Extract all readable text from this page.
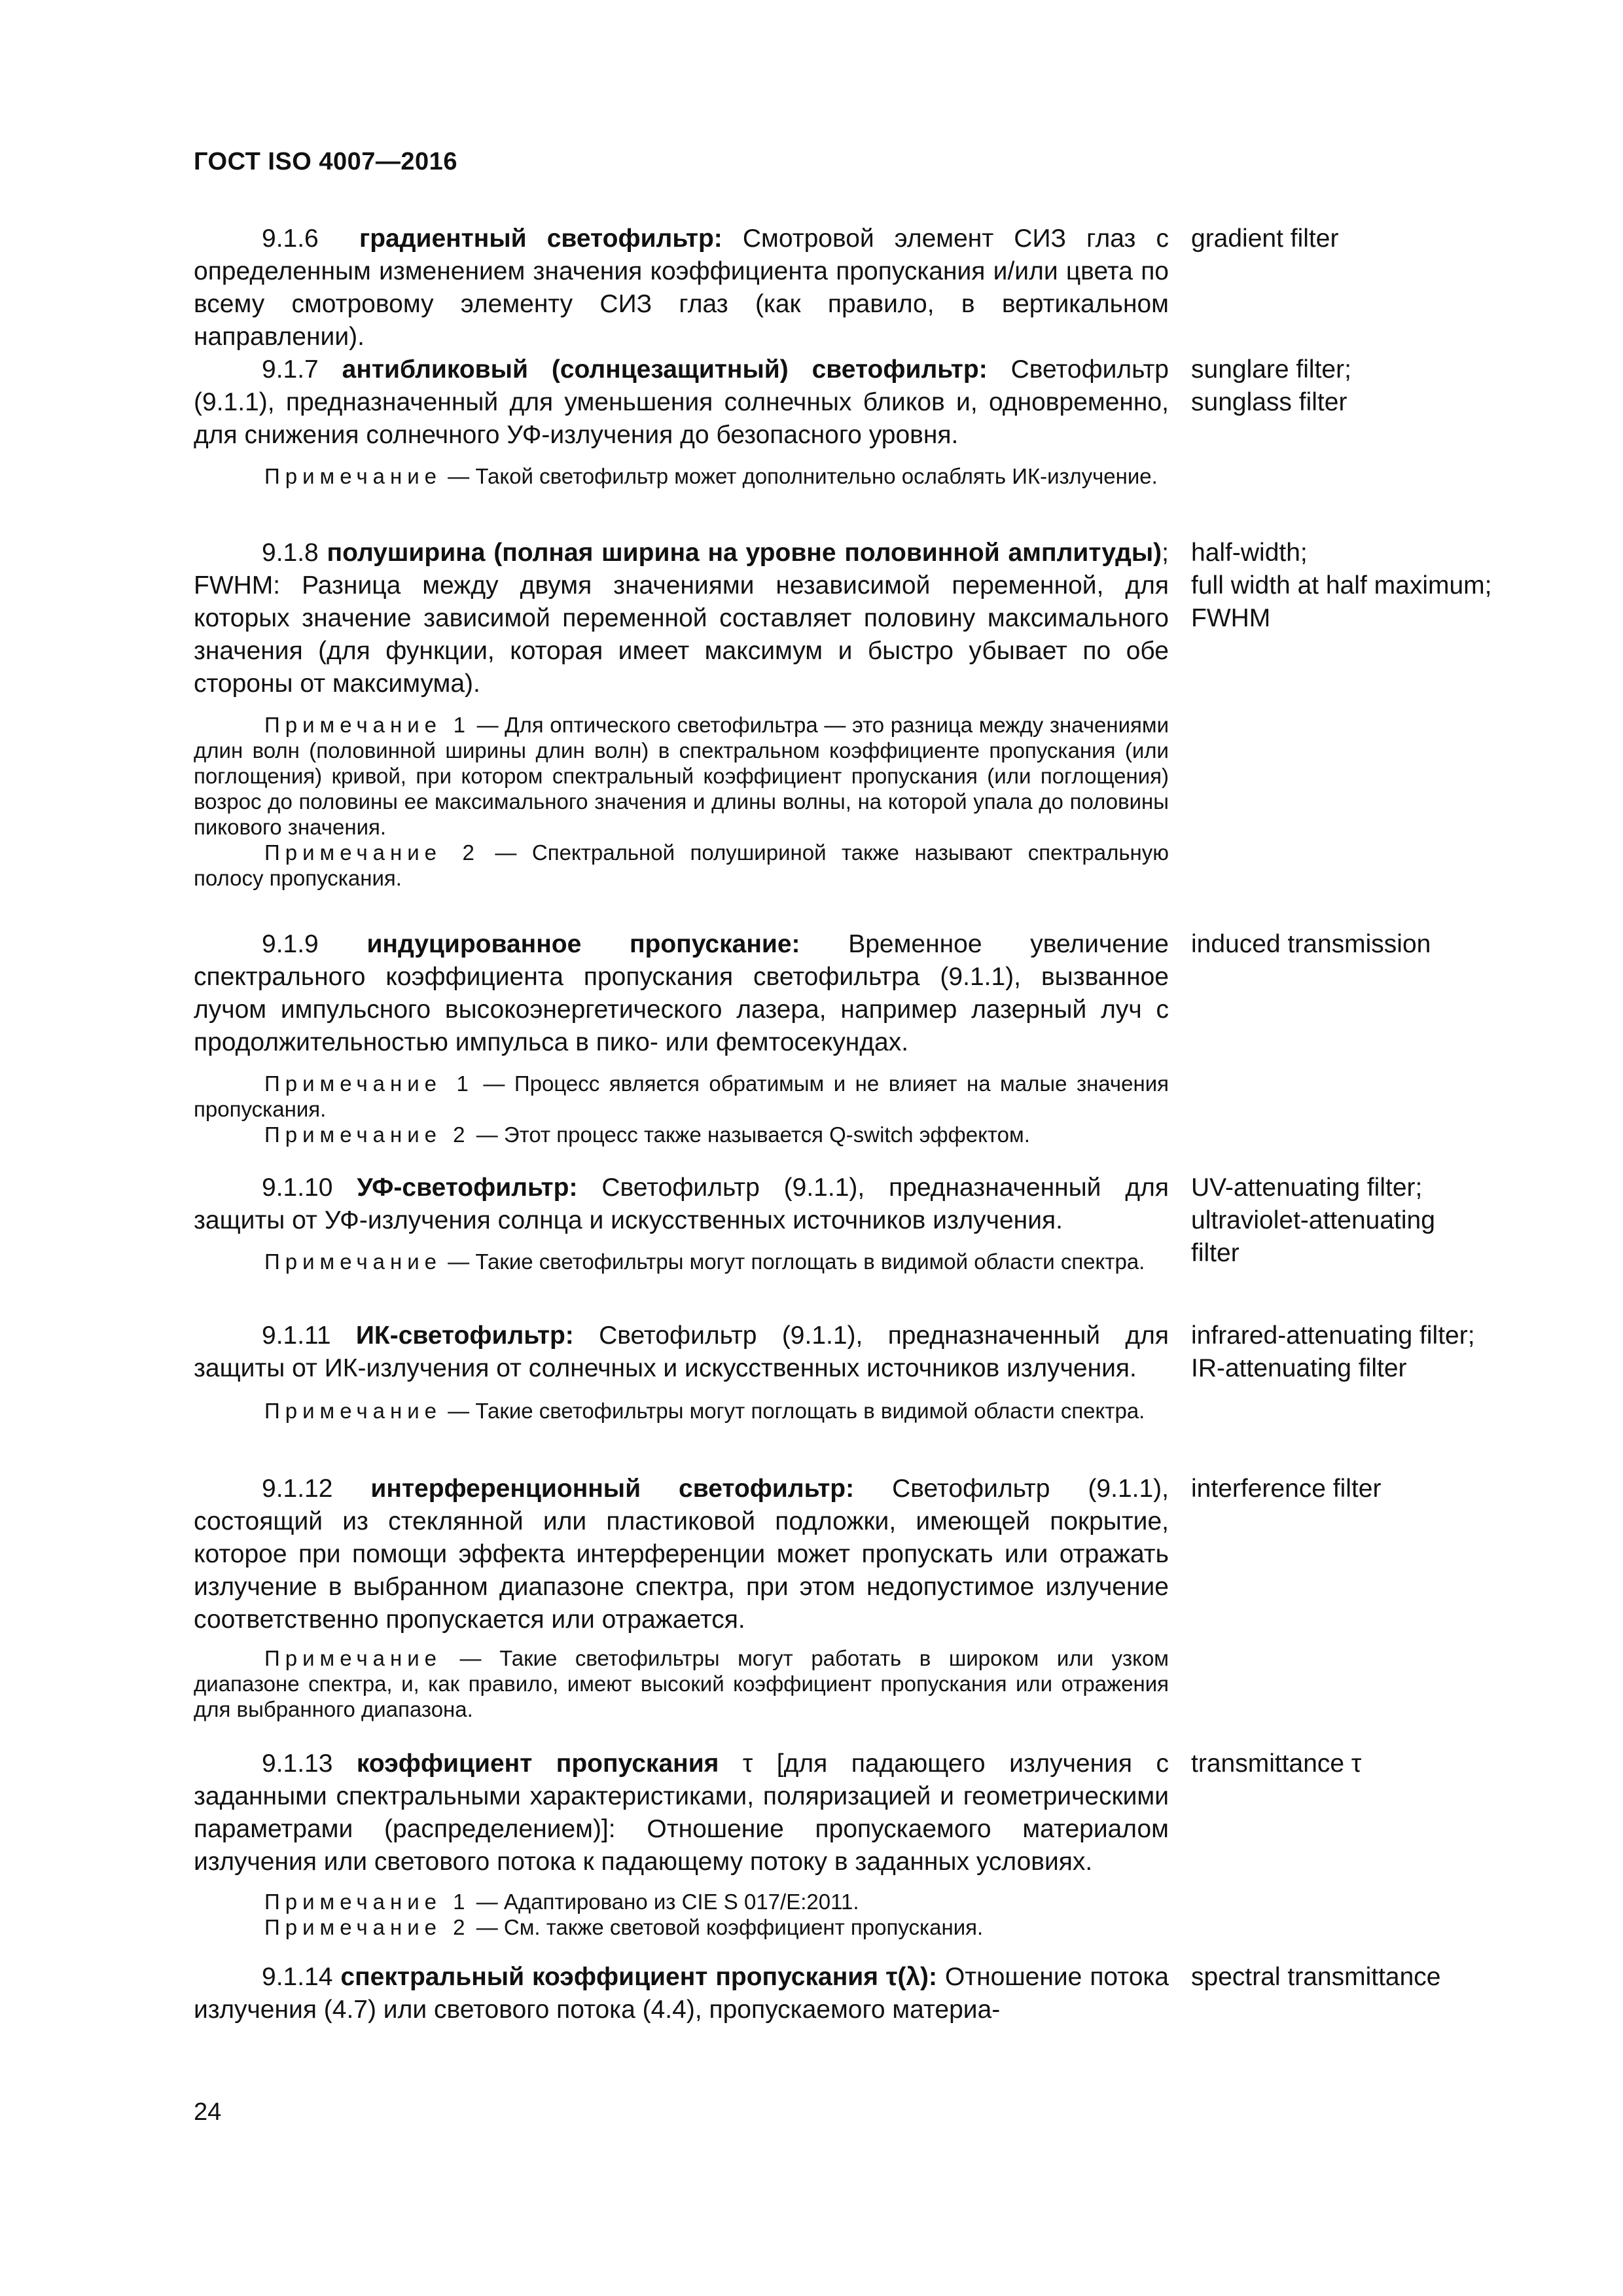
ГОСТ ISO 4007—2016

9.1.6 градиентный светофильтр: Смотровой элемент СИЗ глаз с определенным изменением значения коэффициента пропускания и/или цвета по всему смотровому элементу СИЗ глаз (как правило, в вертикальном направлении).

gradient filter

9.1.7 антибликовый (солнцезащитный) светофильтр: Светофильтр (9.1.1), предназначенный для уменьшения солнечных бликов и, одновременно, для снижения солнечного УФ-излучения до безопасного уровня.

sunglare filter;
sunglass filter

Примечание — Такой светофильтр может дополнительно ослаблять ИК-излучение.

9.1.8 полуширина (полная ширина на уровне половинной амплитуды); FWHM: Разница между двумя значениями независимой переменной, для которых значение зависимой переменной составляет половину максимального значения (для функции, которая имеет максимум и быстро убывает по обе стороны от максимума).

half-width;
full width at half maximum;
FWHM

Примечание 1 — Для оптического светофильтра — это разница между значениями длин волн (половинной ширины длин волн) в спектральном коэффициенте пропускания (или поглощения) кривой, при котором спектральный коэффициент пропускания (или поглощения) возрос до половины ее максимального значения и длины волны, на которой упала до половины пикового значения.

Примечание 2 — Спектральной полушириной также называют спектральную полосу пропускания.

9.1.9 индуцированное пропускание: Временное увеличение спектрального коэффициента пропускания светофильтра (9.1.1), вызванное лучом импульсного высокоэнергетического лазера, например лазерный луч с продолжительностью импульса в пико- или фемтосекундах.

induced transmission

Примечание 1 — Процесс является обратимым и не влияет на малые значения пропускания.

Примечание 2 — Этот процесс также называется Q-switch эффектом.

9.1.10 УФ-светофильтр: Светофильтр (9.1.1), предназначенный для защиты от УФ-излучения солнца и искусственных источников излучения.

UV-attenuating filter;
ultraviolet-attenuating
filter

Примечание — Такие светофильтры могут поглощать в видимой области спектра.

9.1.11 ИК-светофильтр: Светофильтр (9.1.1), предназначенный для защиты от ИК-излучения от солнечных и искусственных источников излучения.

infrared-attenuating filter;
IR-attenuating filter

Примечание — Такие светофильтры могут поглощать в видимой области спектра.

9.1.12 интерференционный светофильтр: Светофильтр (9.1.1), состоящий из стеклянной или пластиковой подложки, имеющей покрытие, которое при помощи эффекта интерференции может пропускать или отражать излучение в выбранном диапазоне спектра, при этом недопустимое излучение соответственно пропускается или отражается.

interference filter

Примечание — Такие светофильтры могут работать в широком или узком диапазоне спектра, и, как правило, имеют высокий коэффициент пропускания или отражения для выбранного диапазона.

9.1.13 коэффициент пропускания τ [для падающего излучения с заданными спектральными характеристиками, поляризацией и геометрическими параметрами (распределением)]: Отношение пропускаемого материалом излучения или светового потока к падающему потоку в заданных условиях.

transmittance τ

Примечание 1 — Адаптировано из CIE S 017/E:2011.

Примечание 2 — См. также световой коэффициент пропускания.

9.1.14 спектральный коэффициент пропускания τ(λ): Отношение потока излучения (4.7) или светового потока (4.4), пропускаемого материа-

spectral transmittance
24
